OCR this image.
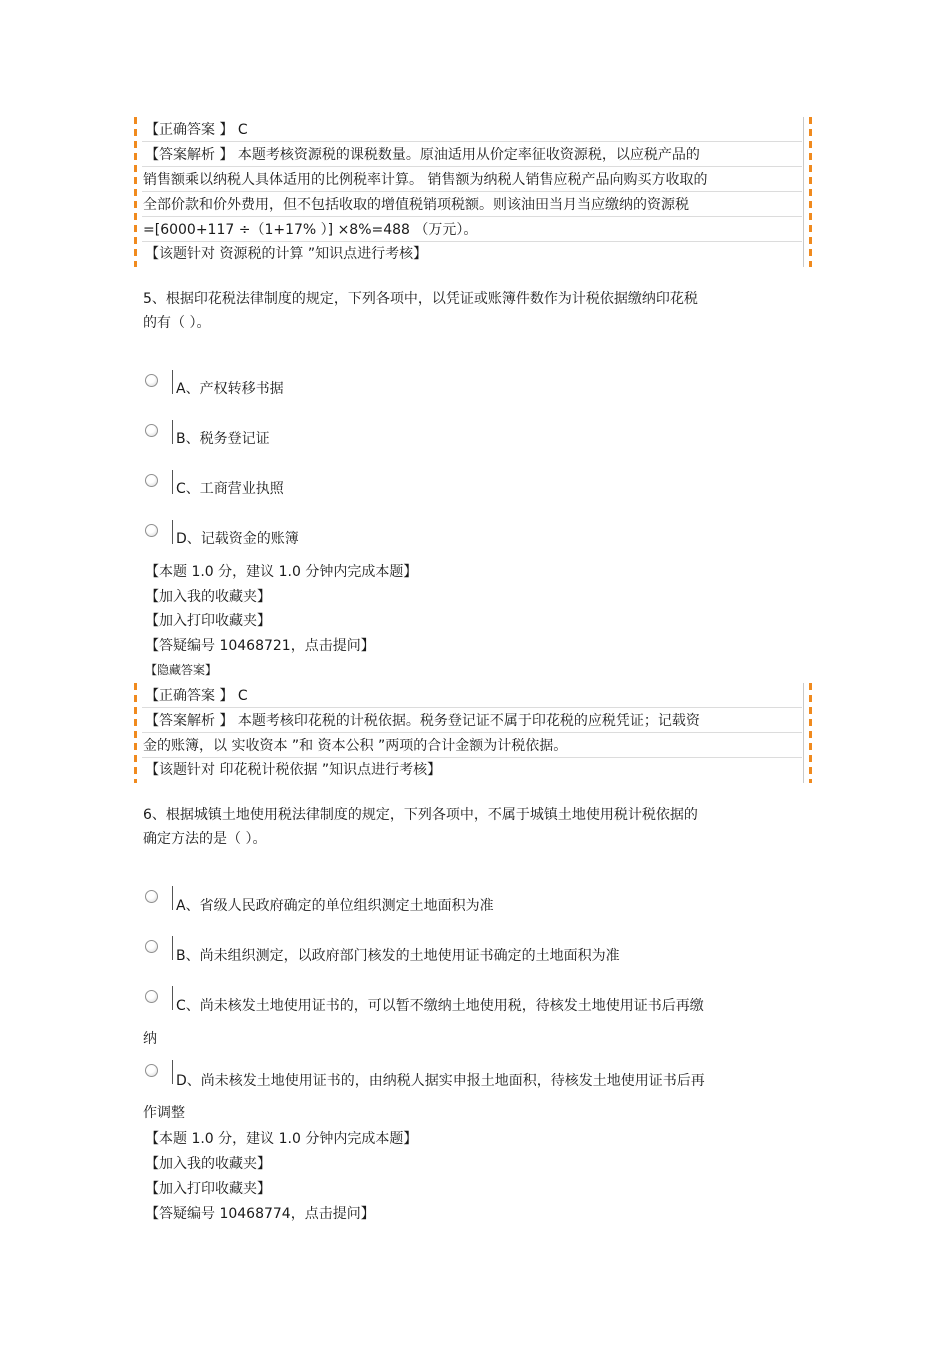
【正确答案 】 C
【答案解析 】 本题考核资源税的课税数量。原油适用从价定率征收资源税，以应税产品的
销售额乘以纳税人具体适用的比例税率计算。 销售额为纳税人销售应税产品向购买方收取的
全部价款和价外费用，但不包括收取的增值税销项税额。则该油田当月当应缴纳的资源税
=[6000+117 ÷（1+17% ）] ×8%=488 （万元）。
【该题针对 资源税的计算 ”知识点进行考核】
5、根据印花税法律制度的规定，下列各项中，以凭证或账簿件数作为计税依据缴纳印花税
的有（ ）。
A、产权转移书据
B、税务登记证
C、工商营业执照
D、记载资金的账簿
【本题 1.0 分，建议 1.0 分钟内完成本题】
【加入我的收藏夹】
【加入打印收藏夹】
【答疑编号 10468721，点击提问】
【隐藏答案】
【正确答案 】 C
【答案解析 】 本题考核印花税的计税依据。税务登记证不属于印花税的应税凭证；记载资
金的账簿，以 实收资本 ”和 资本公积 ”两项的合计金额为计税依据。
【该题针对 印花税计税依据 ”知识点进行考核】
6、根据城镇土地使用税法律制度的规定，下列各项中，不属于城镇土地使用税计税依据的
确定方法的是（ ）。
A、省级人民政府确定的单位组织测定土地面积为准
B、尚未组织测定，以政府部门核发的土地使用证书确定的土地面积为准
C、尚未核发土地使用证书的，可以暂不缴纳土地使用税，待核发土地使用证书后再缴
纳
D、尚未核发土地使用证书的，由纳税人据实申报土地面积，待核发土地使用证书后再
作调整
【本题 1.0 分，建议 1.0 分钟内完成本题】
【加入我的收藏夹】
【加入打印收藏夹】
【答疑编号 10468774，点击提问】
